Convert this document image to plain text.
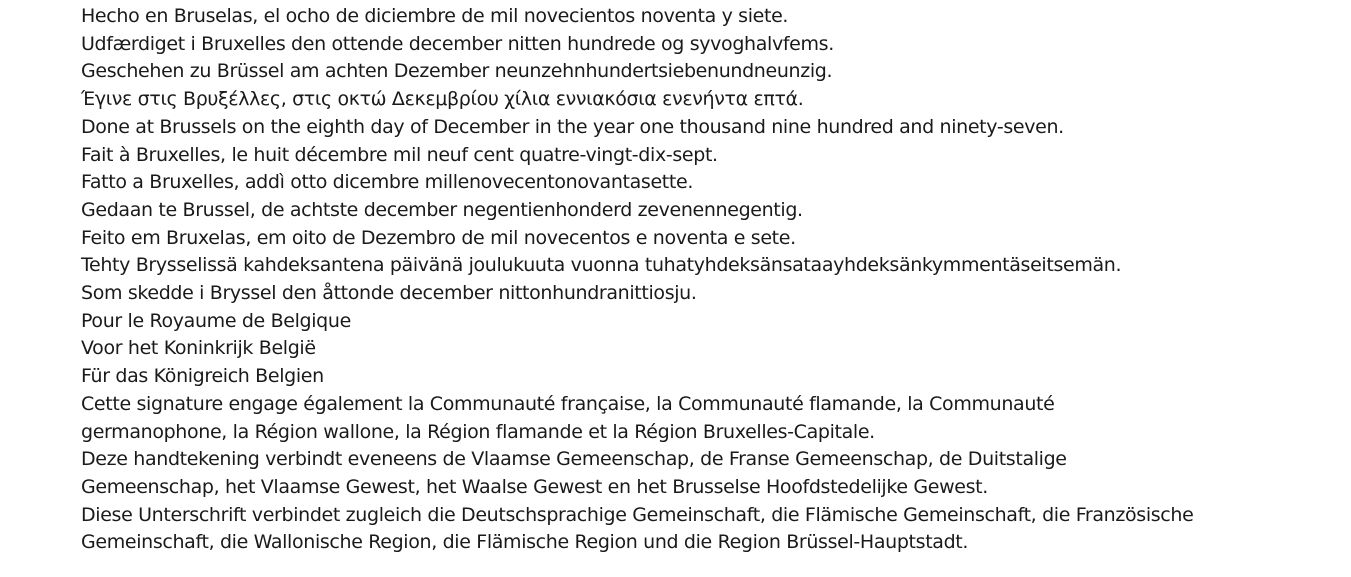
Hecho en Bruselas, el ocho de diciembre de mil novecientos noventa y siete.
Udfærdiget i Bruxelles den ottende december nitten hundrede og syvoghalvfems.
Geschehen zu Brüssel am achten Dezember neunzehnhundertsiebenundneunzig.
Έγινε στις Βρυξέλλες, στις οκτώ Δεκεμβρίου χίλια εννιακόσια ενενήντα επτά.
Done at Brussels on the eighth day of December in the year one thousand nine hundred and ninety-seven.
Fait à Bruxelles, le huit décembre mil neuf cent quatre-vingt-dix-sept.
Fatto a Bruxelles, addì otto dicembre millenovecentonovantasette.
Gedaan te Brussel, de achtste december negentienhonderd zevenennegentig.
Feito em Bruxelas, em oito de Dezembro de mil novecentos e noventa e sete.
Tehty Brysselissä kahdeksantena päivänä joulukuuta vuonna tuhatyhdeksänsataayhdeksänkymmentäseitsemän.
Som skedde i Bryssel den åttonde december nittonhundranittiosju.
Pour le Royaume de Belgique
Voor het Koninkrijk België
Für das Königreich Belgien
Cette signature engage également la Communauté française, la Communauté flamande, la Communauté
germanophone, la Région wallone, la Région flamande et la Région Bruxelles-Capitale.
Deze handtekening verbindt eveneens de Vlaamse Gemeenschap, de Franse Gemeenschap, de Duitstalige
Gemeenschap, het Vlaamse Gewest, het Waalse Gewest en het Brusselse Hoofdstedelijke Gewest.
Diese Unterschrift verbindet zugleich die Deutschsprachige Gemeinschaft, die Flämische Gemeinschaft, die Französische
Gemeinschaft, die Wallonische Region, die Flämische Region und die Region Brüssel-Hauptstadt.
